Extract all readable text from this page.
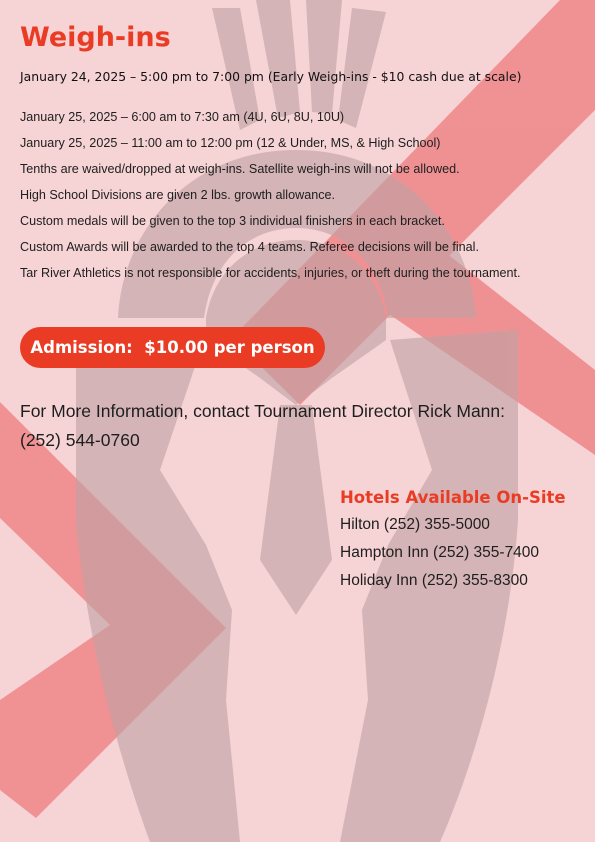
Weigh-ins

January 24, 2025 – 5:00 pm to 7:00 pm (Early Weigh-ins - $10 cash due at scale)

January 25, 2025 – 6:00 am to 7:30 am (4U, 6U, 8U, 10U)
January 25, 2025 – 11:00 am to 12:00 pm (12 & Under, MS, & High School)
Tenths are waived/dropped at weigh-ins. Satellite weigh-ins will not be allowed.
High School Divisions are given 2 lbs. growth allowance.
Custom medals will be given to the top 3 individual finishers in each bracket.
Custom Awards will be awarded to the top 4 teams. Referee decisions will be final.
Tar River Athletics is not responsible for accidents, injuries, or theft during the tournament.
Admission:  $10.00 per person
For More Information, contact Tournament Director Rick Mann: (252) 544-0760
Hotels Available On-Site
Hilton (252) 355-5000
Hampton Inn (252) 355-7400
Holiday Inn (252) 355-8300
